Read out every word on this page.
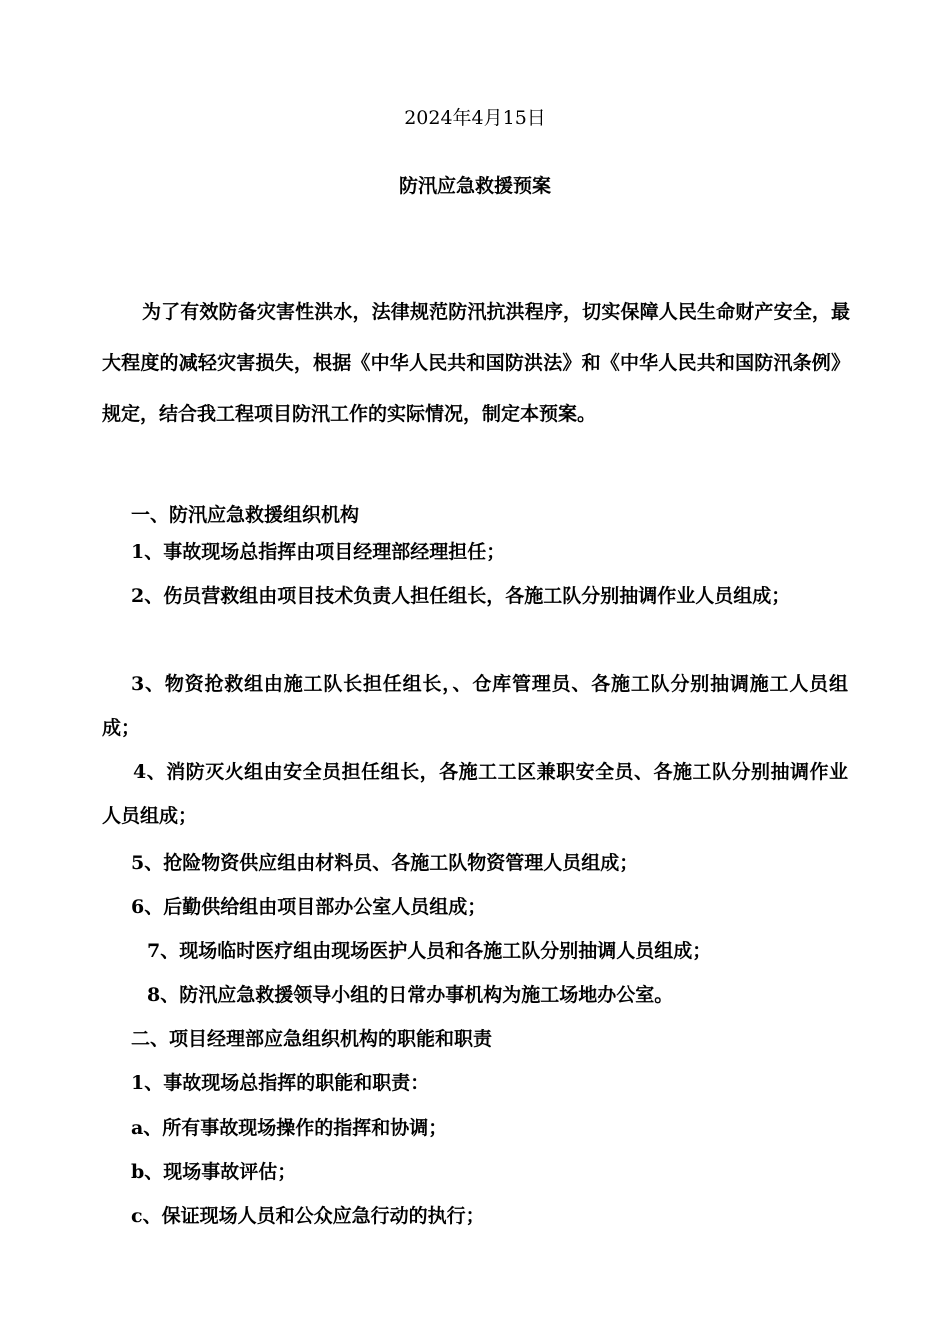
2024年4月15日
防汛应急救援预案
为了有效防备灾害性洪水，法律规范防汛抗洪程序，切实保障人民生命财产安全，最大程度的减轻灾害损失，根据《中华人民共和国防洪法》和《中华人民共和国防汛条例》规定，结合我工程项目防汛工作的实际情况，制定本预案。
一、防汛应急救援组织机构
1、事故现场总指挥由项目经理部经理担任；
2、伤员营救组由项目技术负责人担任组长，各施工队分别抽调作业人员组成；
3、物资抢救组由施工队长担任组长，、仓库管理员、各施工队分别抽调施工人员组成；
4、消防灭火组由安全员担任组长，各施工工区兼职安全员、各施工队分别抽调作业人员组成；
5、抢险物资供应组由材料员、各施工队物资管理人员组成；
6、后勤供给组由项目部办公室人员组成；
7、现场临时医疗组由现场医护人员和各施工队分别抽调人员组成；
8、防汛应急救援领导小组的日常办事机构为施工场地办公室。
二、项目经理部应急组织机构的职能和职责
1、事故现场总指挥的职能和职责：
a、所有事故现场操作的指挥和协调；
b、现场事故评估；
c、保证现场人员和公众应急行动的执行；
